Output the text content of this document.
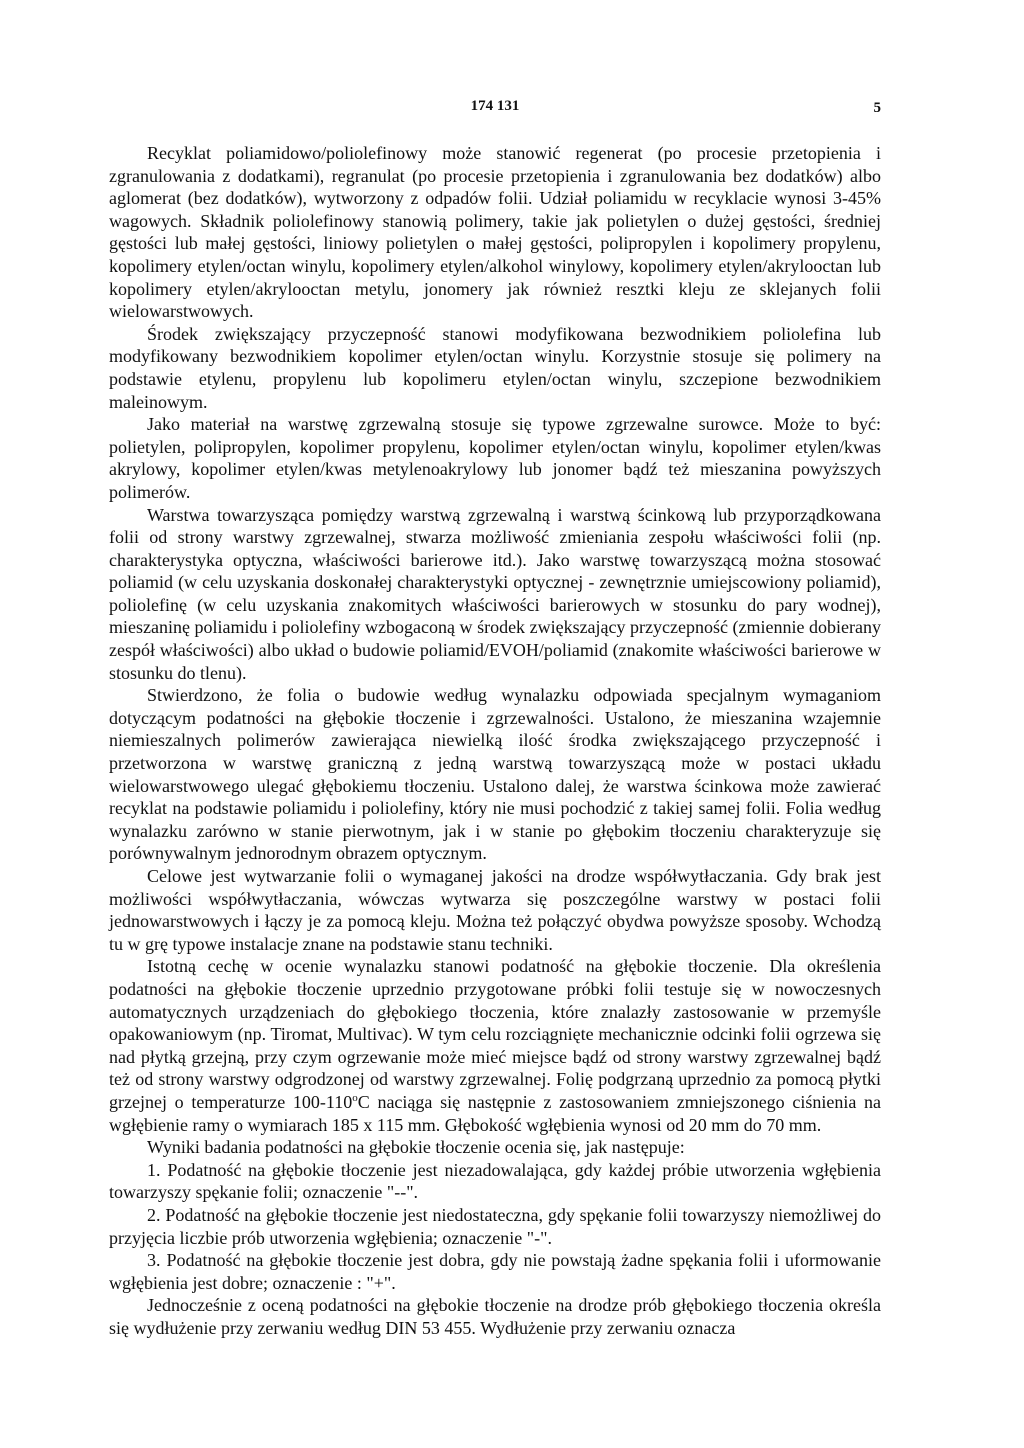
174 131	5

Recyklat poliamidowo/poliolefinowy może stanowić regenerat (po procesie przetopienia i zgranulowania z dodatkami), regranulat (po procesie przetopienia i zgranulowania bez dodatków) albo aglomerat (bez dodatków), wytworzony z odpadów folii. Udział poliamidu w recyklacie wynosi 3-45% wagowych. Składnik poliolefinowy stanowią polimery, takie jak polietylen o dużej gęstości, średniej gęstości lub małej gęstości, liniowy polietylen o małej gęstości, polipropylen i kopolimery propylenu, kopolimery etylen/octan winylu, kopolimery etylen/alkohol winylowy, kopolimery etylen/akrylooctan lub kopolimery etylen/akrylooctan metylu, jonomery jak również resztki kleju ze sklejanych folii wielowarstwowych.

Środek zwiększający przyczepność stanowi modyfikowana bezwodnikiem poliolefina lub modyfikowany bezwodnikiem kopolimer etylen/octan winylu. Korzystnie stosuje się polimery na podstawie etylenu, propylenu lub kopolimeru etylen/octan winylu, szczepione bezwodnikiem maleinowym.

Jako materiał na warstwę zgrzewalną stosuje się typowe zgrzewalne surowce. Może to być: polietylen, polipropylen, kopolimer propylenu, kopolimer etylen/octan winylu, kopolimer etylen/kwas akrylowy, kopolimer etylen/kwas metylenoakrylowy lub jonomer bądź też mieszanina powyższych polimerów.

Warstwa towarzysząca pomiędzy warstwą zgrzewalną i warstwą ścinkową lub przyporządkowana folii od strony warstwy zgrzewalnej, stwarza możliwość zmieniania zespołu właściwości folii (np. charakterystyka optyczna, właściwości barierowe itd.). Jako warstwę towarzyszącą można stosować poliamid (w celu uzyskania doskonałej charakterystyki optycznej - zewnętrznie umiejscowiony poliamid), poliolefinę (w celu uzyskania znakomitych właściwości barierowych w stosunku do pary wodnej), mieszaninę poliamidu i poliolefiny wzbogaconą w środek zwiększający przyczepność (zmiennie dobierany zespół właściwości) albo układ o budowie poliamid/EVOH/poliamid (znakomite właściwości barierowe w stosunku do tlenu).

Stwierdzono, że folia o budowie według wynalazku odpowiada specjalnym wymaganiom dotyczącym podatności na głębokie tłoczenie i zgrzewalności. Ustalono, że mieszanina wzajemnie niemieszalnych polimerów zawierająca niewielką ilość środka zwiększającego przyczepność i przetworzona w warstwę graniczną z jedną warstwą towarzyszącą może w postaci układu wielowarstwowego ulegać głębokiemu tłoczeniu. Ustalono dalej, że warstwa ścinkowa może zawierać recyklat na podstawie poliamidu i poliolefiny, który nie musi pochodzić z takiej samej folii. Folia według wynalazku zarówno w stanie pierwotnym, jak i w stanie po głębokim tłoczeniu charakteryzuje się porównywalnym jednorodnym obrazem optycznym.

Celowe jest wytwarzanie folii o wymaganej jakości na drodze współwytłaczania. Gdy brak jest możliwości współwytłaczania, wówczas wytwarza się poszczególne warstwy w postaci folii jednowarstwowych i łączy je za pomocą kleju. Można też połączyć obydwa powyższe sposoby. Wchodzą tu w grę typowe instalacje znane na podstawie stanu techniki.

Istotną cechę w ocenie wynalazku stanowi podatność na głębokie tłoczenie. Dla określenia podatności na głębokie tłoczenie uprzednio przygotowane próbki folii testuje się w nowoczesnych automatycznych urządzeniach do głębokiego tłoczenia, które znalazły zastosowanie w przemyśle opakowaniowym (np. Tiromat, Multivac). W tym celu rozciągnięte mechanicznie odcinki folii ogrzewa się nad płytką grzejną, przy czym ogrzewanie może mieć miejsce bądź od strony warstwy zgrzewalnej bądź też od strony warstwy odgrodzonej od warstwy zgrzewalnej. Folię podgrzaną uprzednio za pomocą płytki grzejnej o temperaturze 100-110$^o$C naciąga się następnie z zastosowaniem zmniejszonego ciśnienia na wgłębienie ramy o wymiarach 185 x 115 mm. Głębokość wgłębienia wynosi od 20 mm do 70 mm.

Wyniki badania podatności na głębokie tłoczenie ocenia się, jak następuje:

1. Podatność na głębokie tłoczenie jest niezadowalająca, gdy każdej próbie utworzenia wgłębienia towarzyszy spękanie folii; oznaczenie "--".

2. Podatność na głębokie tłoczenie jest niedostateczna, gdy spękanie folii towarzyszy niemożliwej do przyjęcia liczbie prób utworzenia wgłębienia; oznaczenie "-".

3. Podatność na głębokie tłoczenie jest dobra, gdy nie powstają żadne spękania folii i uformowanie wgłębienia jest dobre; oznaczenie : "+".

Jednocześnie z oceną podatności na głębokie tłoczenie na drodze prób głębokiego tłoczenia określa się wydłużenie przy zerwaniu według DIN 53 455. Wydłużenie przy zerwaniu oznacza
